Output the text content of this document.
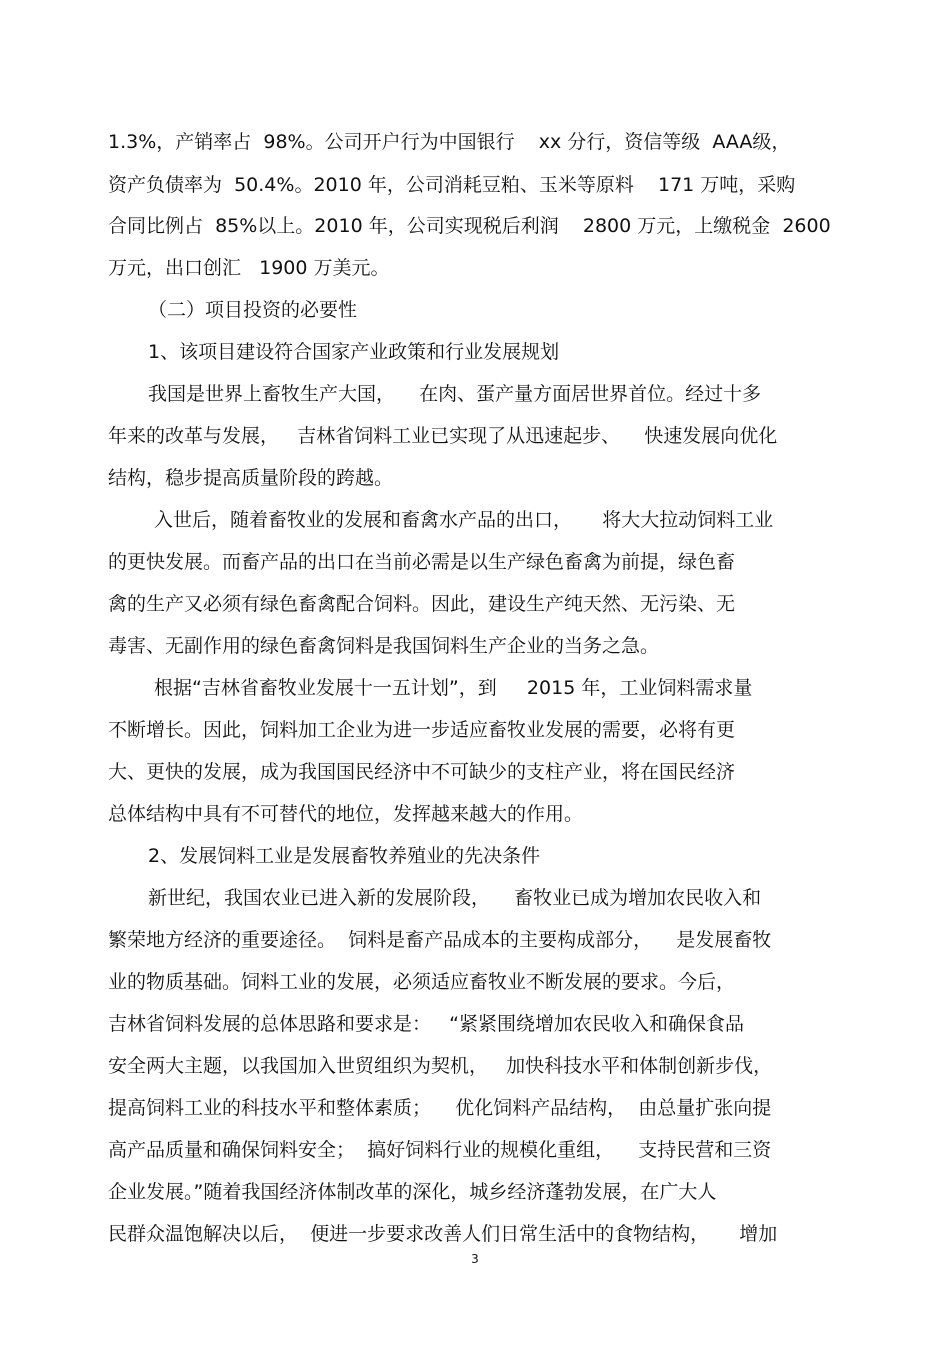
1.3%，产销率占  98%。公司开户行为中国银行    xx 分行，资信等级  AAA级，
资产负债率为  50.4%。2010 年，公司消耗豆粕、玉米等原料    171 万吨，采购
合同比例占  85%以上。2010 年，公司实现税后利润    2800 万元，上缴税金  2600
万元，出口创汇   1900 万美元。
（二）项目投资的必要性
1、该项目建设符合国家产业政策和行业发展规划
我国是世界上畜牧生产大国，    在肉、蛋产量方面居世界首位。经过十多
年来的改革与发展，   吉林省饲料工业已实现了从迅速起步、    快速发展向优化
结构，稳步提高质量阶段的跨越。
入世后，随着畜牧业的发展和畜禽水产品的出口，     将大大拉动饲料工业
的更快发展。而畜产品的出口在当前必需是以生产绿色畜禽为前提，绿色畜
禽的生产又必须有绿色畜禽配合饲料。因此，建设生产纯天然、无污染、无
毒害、无副作用的绿色畜禽饲料是我国饲料生产企业的当务之急。
根据“吉林省畜牧业发展十一五计划”，到     2015 年，工业饲料需求量
不断增长。因此，饲料加工企业为进一步适应畜牧业发展的需要，必将有更
大、更快的发展，成为我国国民经济中不可缺少的支柱产业，将在国民经济
总体结构中具有不可替代的地位，发挥越来越大的作用。
2、发展饲料工业是发展畜牧养殖业的先决条件
新世纪，我国农业已进入新的发展阶段，    畜牧业已成为增加农民收入和
繁荣地方经济的重要途径。  饲料是畜产品成本的主要构成部分，    是发展畜牧
业的物质基础。饲料工业的发展，必须适应畜牧业不断发展的要求。今后，
吉林省饲料发展的总体思路和要求是：   “紧紧围绕增加农民收入和确保食品
安全两大主题，以我国加入世贸组织为契机，   加快科技水平和体制创新步伐，
提高饲料工业的科技水平和整体素质；    优化饲料产品结构，  由总量扩张向提
高产品质量和确保饲料安全；  搞好饲料行业的规模化重组，    支持民营和三资
企业发展。”随着我国经济体制改革的深化，城乡经济蓬勃发展，在广大人
民群众温饱解决以后，  便进一步要求改善人们日常生活中的食物结构，     增加
3
